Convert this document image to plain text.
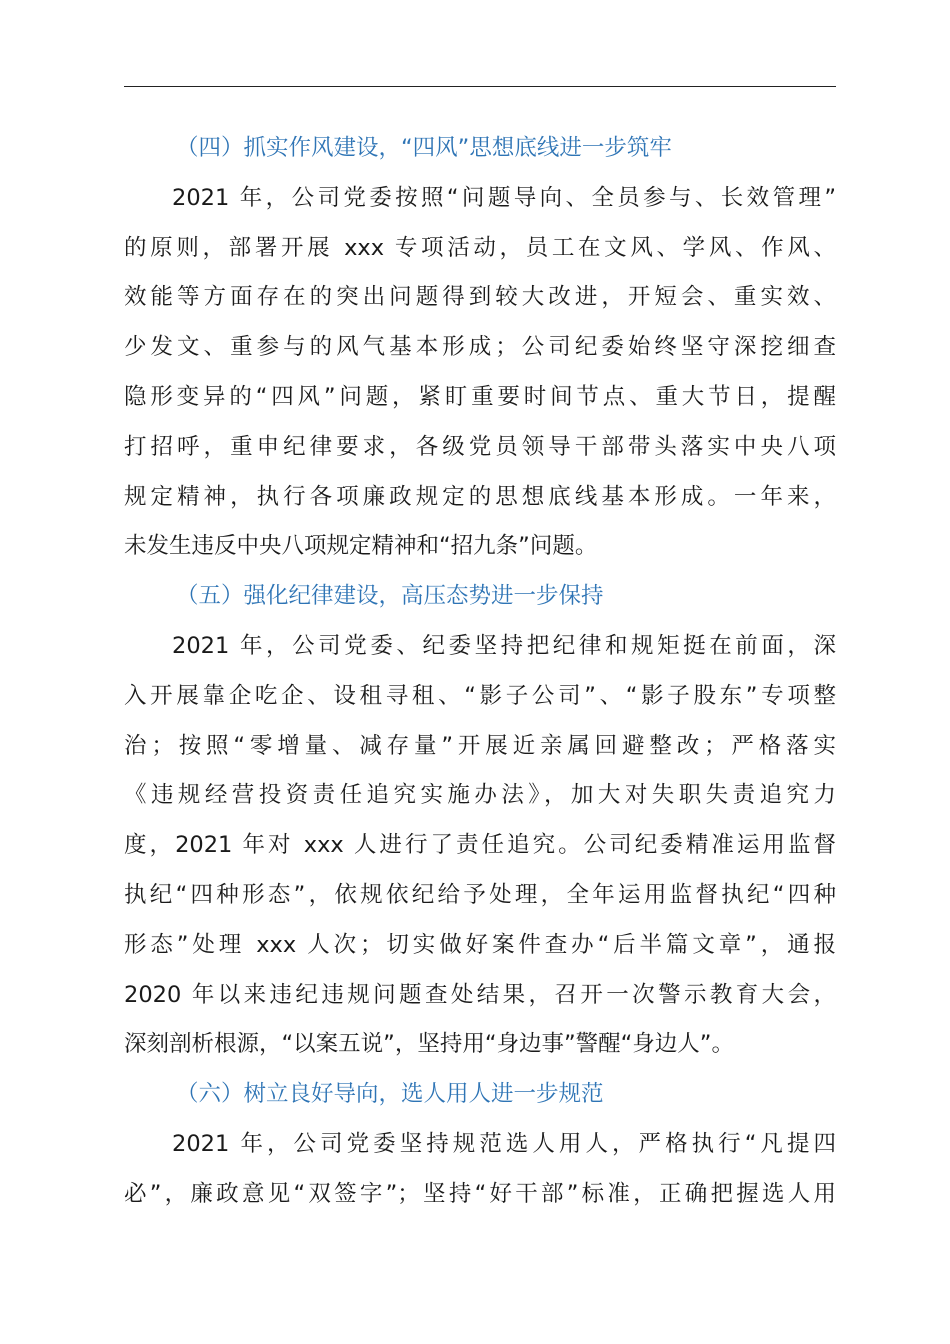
（四）抓实作风建设，“四风”思想底线进一步筑牢

2021 年，公司党委按照“问题导向、全员参与、长效管理”
的原则，部署开展 xxx 专项活动，员工在文风、学风、作风、
效能等方面存在的突出问题得到较大改进，开短会、重实效、
少发文、重参与的风气基本形成；公司纪委始终坚守深挖细查
隐形变异的“四风”问题，紧盯重要时间节点、重大节日，提醒
打招呼，重申纪律要求，各级党员领导干部带头落实中央八项
规定精神，执行各项廉政规定的思想底线基本形成。一年来，
未发生违反中央八项规定精神和“招九条”问题。

（五）强化纪律建设，高压态势进一步保持

2021 年，公司党委、纪委坚持把纪律和规矩挺在前面，深
入开展靠企吃企、设租寻租、“影子公司”、“影子股东”专项整
治；按照“零增量、减存量”开展近亲属回避整改；严格落实
《违规经营投资责任追究实施办法》，加大对失职失责追究力
度，2021 年对 xxx 人进行了责任追究。公司纪委精准运用监督
执纪“四种形态”，依规依纪给予处理，全年运用监督执纪“四种
形态”处理 xxx 人次；切实做好案件查办“后半篇文章”，通报
2020 年以来违纪违规问题查处结果，召开一次警示教育大会，
深刻剖析根源，“以案五说”，坚持用“身边事”警醒“身边人”。

（六）树立良好导向，选人用人进一步规范

2021 年，公司党委坚持规范选人用人，严格执行“凡提四
必”，廉政意见“双签字”；坚持“好干部”标准，正确把握选人用
